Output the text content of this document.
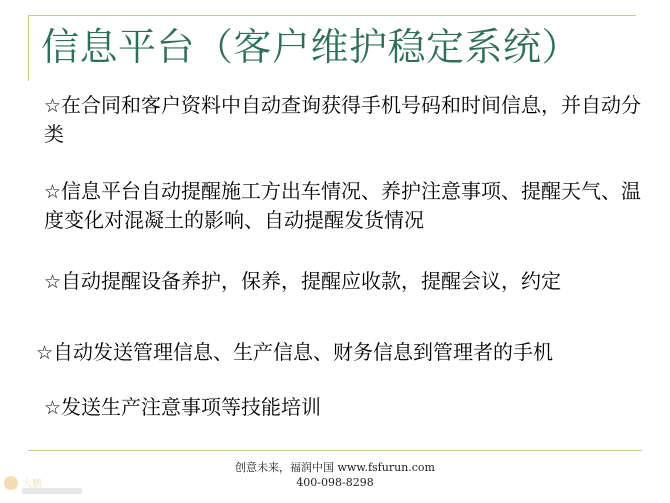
信息平台（客户维护稳定系统）
☆在合同和客户资料中自动查询获得手机号码和时间信息，并自动分类
☆信息平台自动提醒施工方出车情况、养护注意事项、提醒天气、温度变化对混凝土的影响、自动提醒发货情况
☆自动提醒设备养护，保养，提醒应收款，提醒会议，约定
☆自动发送管理信息、生产信息、财务信息到管理者的手机
☆发送生产注意事项等技能培训
创意未来，福润中国 www.fsfurun.com
400-098-8298
大鹏
